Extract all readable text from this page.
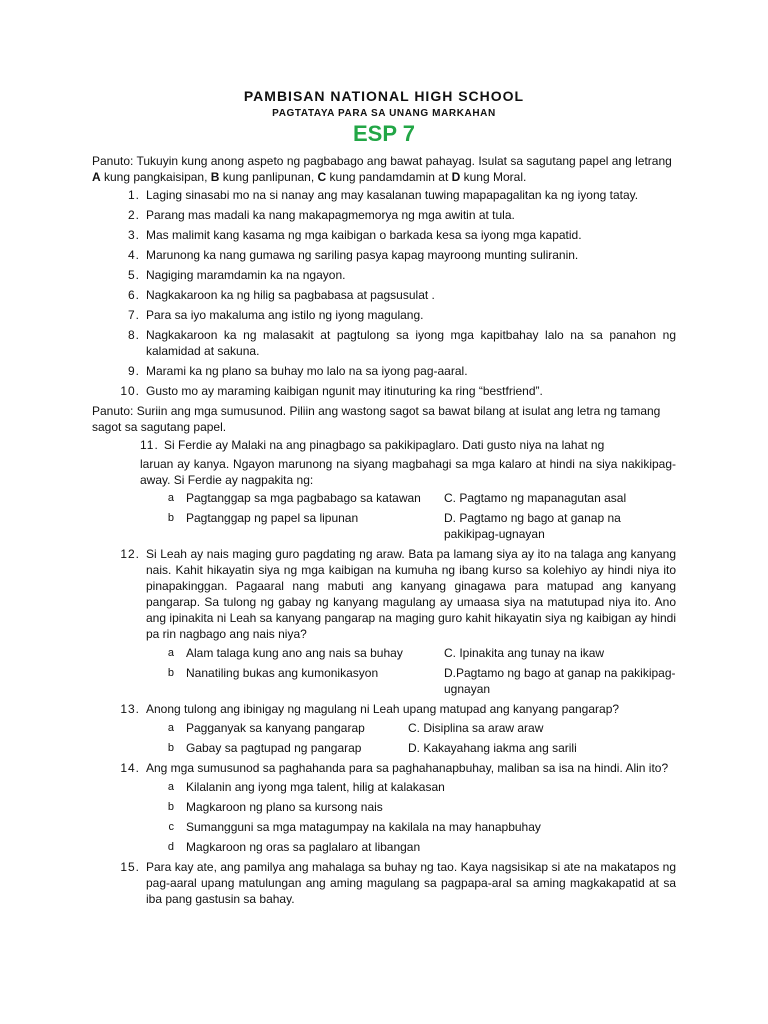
PAMBISAN NATIONAL HIGH SCHOOL

PAGTATAYA PARA SA UNANG MARKAHAN

ESP 7

Panuto: Tukuyin kung anong aspeto ng pagbabago ang bawat pahayag. Isulat sa sagutang papel ang letrang A kung pangkaisipan, B kung panlipunan, C kung pandamdamin at D kung Moral.

1. Laging sinasabi mo na si nanay ang may kasalanan tuwing mapapagalitan ka ng iyong tatay.
2. Parang mas madali ka nang makapagmemorya ng mga awitin at tula.
3. Mas malimit kang kasama ng mga kaibigan o barkada kesa sa iyong mga kapatid.
4. Marunong ka nang gumawa ng sariling pasya kapag mayroong munting suliranin.
5. Nagiging maramdamin ka na ngayon.
6. Nagkakaroon ka ng hilig sa pagbabasa at pagsusulat .
7. Para sa iyo makaluma ang istilo ng iyong magulang.
8. Nagkakaroon ka ng malasakit at pagtulong sa iyong mga kapitbahay lalo na sa panahon ng kalamidad at sakuna.
9. Marami ka ng plano sa buhay mo lalo na sa iyong pag-aaral.
10. Gusto mo ay maraming kaibigan ngunit may itinuturing ka ring “bestfriend”.

Panuto: Suriin ang mga sumusunod. Piliin ang wastong sagot sa bawat bilang at isulat ang letra ng tamang sagot sa sagutang papel.

11. Si Ferdie ay Malaki na ang pinagbago sa pakikipaglaro. Dati gusto niya na lahat ng
laruan ay kanya. Ngayon marunong na siyang magbahagi sa mga kalaro at hindi na siya nakikipag-away. Si Ferdie ay nagpakita ng:
a	Pagtanggap sa mga pagbabago sa katawan	C. Pagtamo ng mapanagutan asal
b	Pagtanggap ng papel sa lipunan	D. Pagtamo ng bago at ganap na pakikipag-ugnayan
12. Si Leah ay nais maging guro pagdating ng araw. Bata pa lamang siya ay ito na talaga ang kanyang nais. Kahit hikayatin siya ng mga kaibigan na kumuha ng ibang kurso sa kolehiyo ay hindi niya ito pinapakinggan. Pagaaral nang mabuti ang kanyang ginagawa para matupad ang kanyang pangarap. Sa tulong ng gabay ng kanyang magulang ay umaasa siya na matutupad niya ito. Ano ang ipinakita ni Leah sa kanyang pangarap na maging guro kahit hikayatin siya ng kaibigan ay hindi pa rin nagbago ang nais niya?
a	Alam talaga kung ano ang nais sa buhay	C. Ipinakita ang tunay na ikaw
b	Nanatiling bukas ang kumonikasyon	D.Pagtamo ng bago at ganap na pakikipag-ugnayan
13. Anong tulong ang ibinigay ng magulang ni Leah upang matupad ang kanyang pangarap?
a	Pagganyak sa kanyang pangarap	C. Disiplina sa araw araw
b	Gabay sa pagtupad ng pangarap	D. Kakayahang iakma ang sarili
14. Ang mga sumusunod sa paghahanda para sa paghahanapbuhay, maliban sa isa na hindi. Alin ito?
a	Kilalanin ang iyong mga talent, hilig at kalakasan
b	Magkaroon ng plano sa kursong nais
c	Sumangguni sa mga matagumpay na kakilala na may hanapbuhay
d	Magkaroon ng oras sa paglalaro at libangan
15. Para kay ate, ang pamilya ang mahalaga sa buhay ng tao. Kaya nagsisikap si ate na makatapos ng pag-aaral upang matulungan ang aming magulang sa pagpapa-aral sa aming magkakapatid at sa iba pang gastusin sa bahay.
